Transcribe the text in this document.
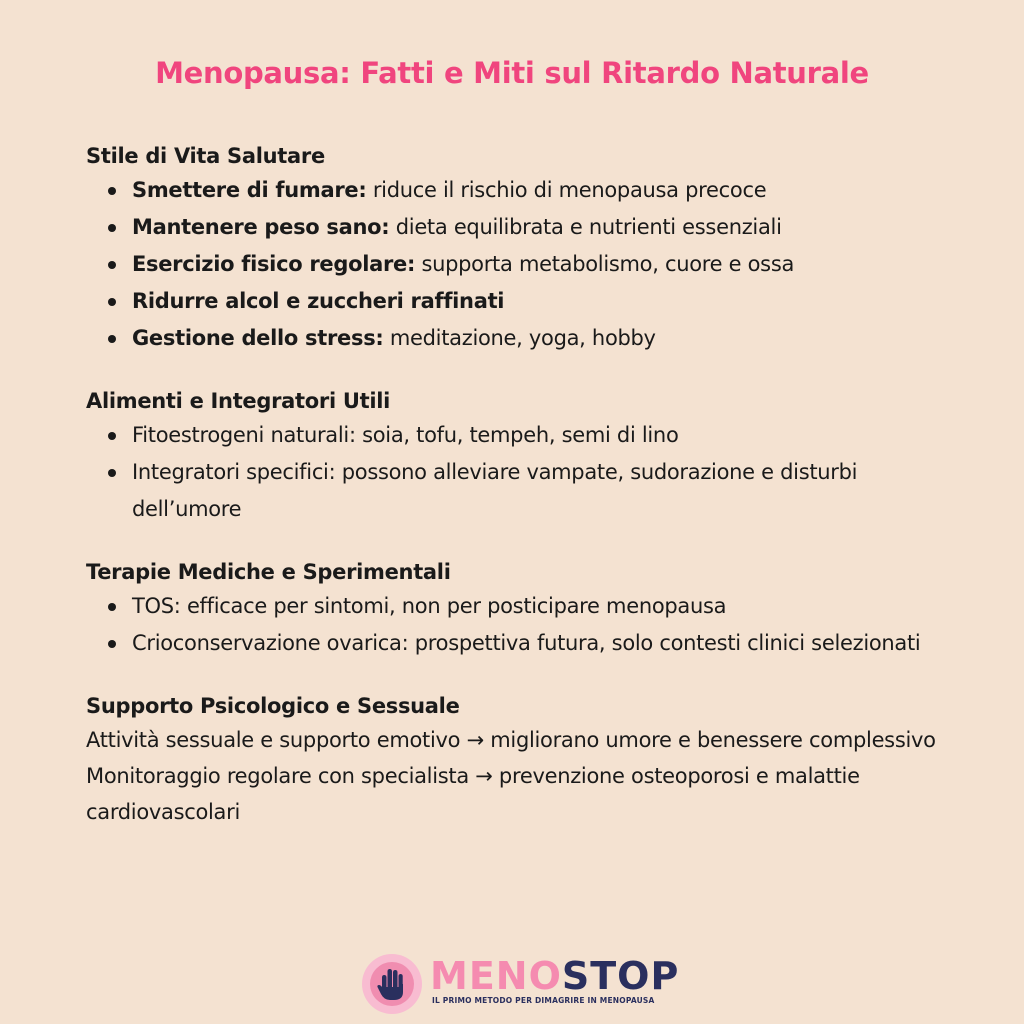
Menopausa: Fatti e Miti sul Ritardo Naturale
Stile di Vita Salutare
Smettere di fumare: riduce il rischio di menopausa precoce
Mantenere peso sano: dieta equilibrata e nutrienti essenziali
Esercizio fisico regolare: supporta metabolismo, cuore e ossa
Ridurre alcol e zuccheri raffinati
Gestione dello stress: meditazione, yoga, hobby
Alimenti e Integratori Utili
Fitoestrogeni naturali: soia, tofu, tempeh, semi di lino
Integratori specifici: possono alleviare vampate, sudorazione e disturbi dell’umore
Terapie Mediche e Sperimentali
TOS: efficace per sintomi, non per posticipare menopausa
Crioconservazione ovarica: prospettiva futura, solo contesti clinici selezionati
Supporto Psicologico e Sessuale
Attività sessuale e supporto emotivo → migliorano umore e benessere complessivo
Monitoraggio regolare con specialista → prevenzione osteoporosi e malattie cardiovascolari
MENOSTOP
IL PRIMO METODO PER DIMAGRIRE IN MENOPAUSA
